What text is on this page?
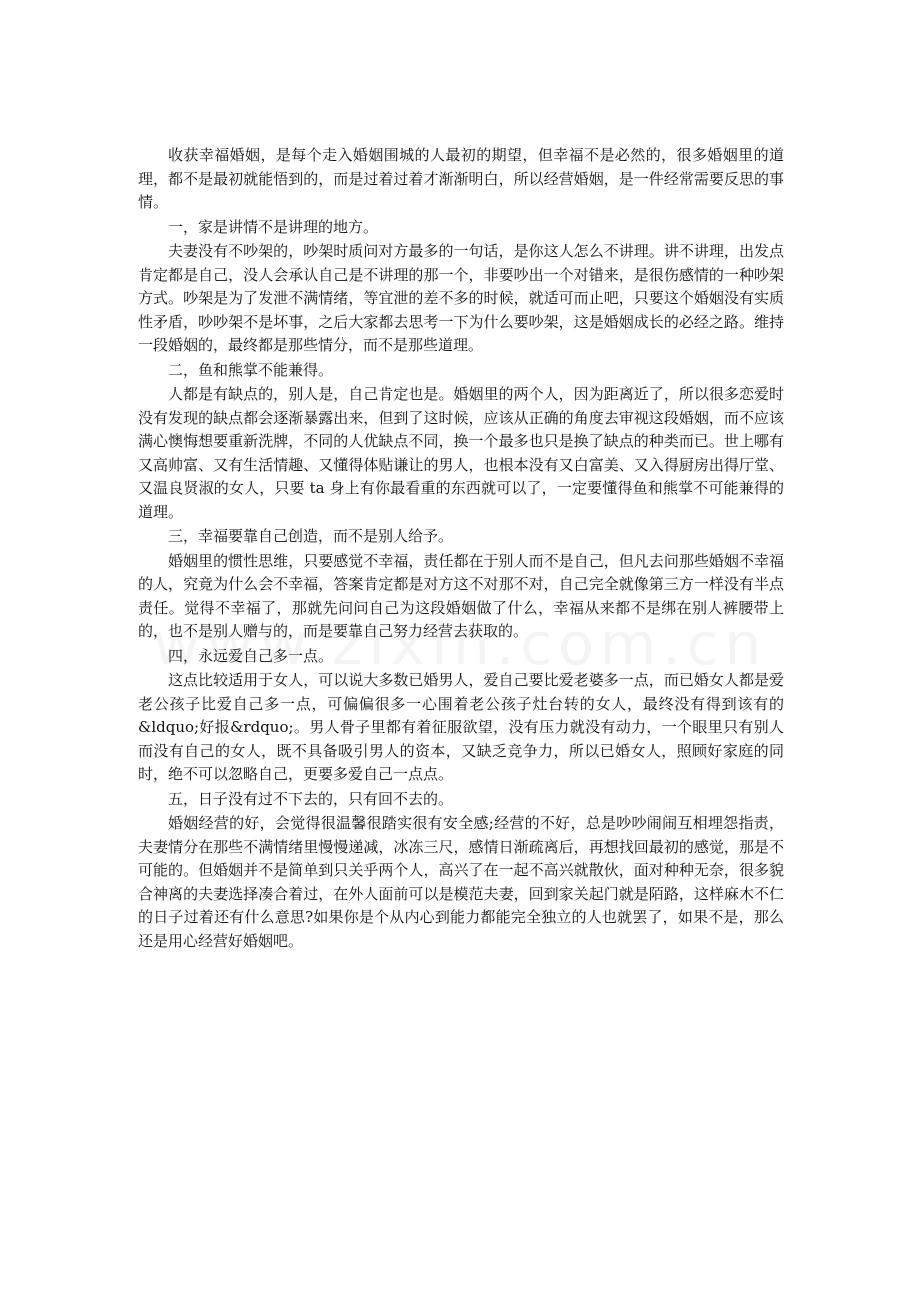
收获幸福婚姻，是每个走入婚姻围城的人最初的期望，但幸福不是必然的，很多婚姻里的道理，都不是最初就能悟到的，而是过着过着才渐渐明白，所以经营婚姻，是一件经常需要反思的事情。

一，家是讲情不是讲理的地方。

夫妻没有不吵架的，吵架时质问对方最多的一句话，是你这人怎么不讲理。讲不讲理，出发点肯定都是自己，没人会承认自己是不讲理的那一个，非要吵出一个对错来，是很伤感情的一种吵架方式。吵架是为了发泄不满情绪，等宜泄的差不多的时候，就适可而止吧，只要这个婚姻没有实质性矛盾，吵吵架不是坏事，之后大家都去思考一下为什么要吵架，这是婚姻成长的必经之路。维持一段婚姻的，最终都是那些情分，而不是那些道理。

二，鱼和熊掌不能兼得。

人都是有缺点的，别人是，自己肯定也是。婚姻里的两个人，因为距离近了，所以很多恋爱时没有发现的缺点都会逐渐暴露出来，但到了这时候，应该从正确的角度去审视这段婚姻，而不应该满心懊悔想要重新洗牌，不同的人优缺点不同，换一个最多也只是换了缺点的种类而已。世上哪有又高帅富、又有生活情趣、又懂得体贴谦让的男人，也根本没有又白富美、又入得厨房出得厅堂、又温良贤淑的女人，只要 ta 身上有你最看重的东西就可以了，一定要懂得鱼和熊掌不可能兼得的道理。

三，幸福要靠自己创造，而不是别人给予。

婚姻里的惯性思维，只要感觉不幸福，责任都在于别人而不是自己，但凡去问那些婚姻不幸福的人，究竟为什么会不幸福，答案肯定都是对方这不对那不对，自己完全就像第三方一样没有半点责任。觉得不幸福了，那就先问问自己为这段婚姻做了什么，幸福从来都不是绑在别人裤腰带上的，也不是别人赠与的，而是要靠自己努力经营去获取的。

四，永远爱自己多一点。

这点比较适用于女人，可以说大多数已婚男人，爱自己要比爱老婆多一点，而已婚女人都是爱老公孩子比爱自己多一点，可偏偏很多一心围着老公孩子灶台转的女人，最终没有得到该有的&ldquo;好报&rdquo;。男人骨子里都有着征服欲望，没有压力就没有动力，一个眼里只有别人而没有自己的女人，既不具备吸引男人的资本，又缺乏竞争力，所以已婚女人，照顾好家庭的同时，绝不可以忽略自己，更要多爱自己一点点。

五，日子没有过不下去的，只有回不去的。

婚姻经营的好，会觉得很温馨很踏实很有安全感;经营的不好，总是吵吵闹闹互相埋怨指责，夫妻情分在那些不满情绪里慢慢递减，冰冻三尺，感情日渐疏离后，再想找回最初的感觉，那是不可能的。但婚姻并不是简单到只关乎两个人，高兴了在一起不高兴就散伙，面对种种无奈，很多貌合神离的夫妻选择凑合着过，在外人面前可以是模范夫妻，回到家关起门就是陌路，这样麻木不仁的日子过着还有什么意思?如果你是个从内心到能力都能完全独立的人也就罢了，如果不是，那么还是用心经营好婚姻吧。
